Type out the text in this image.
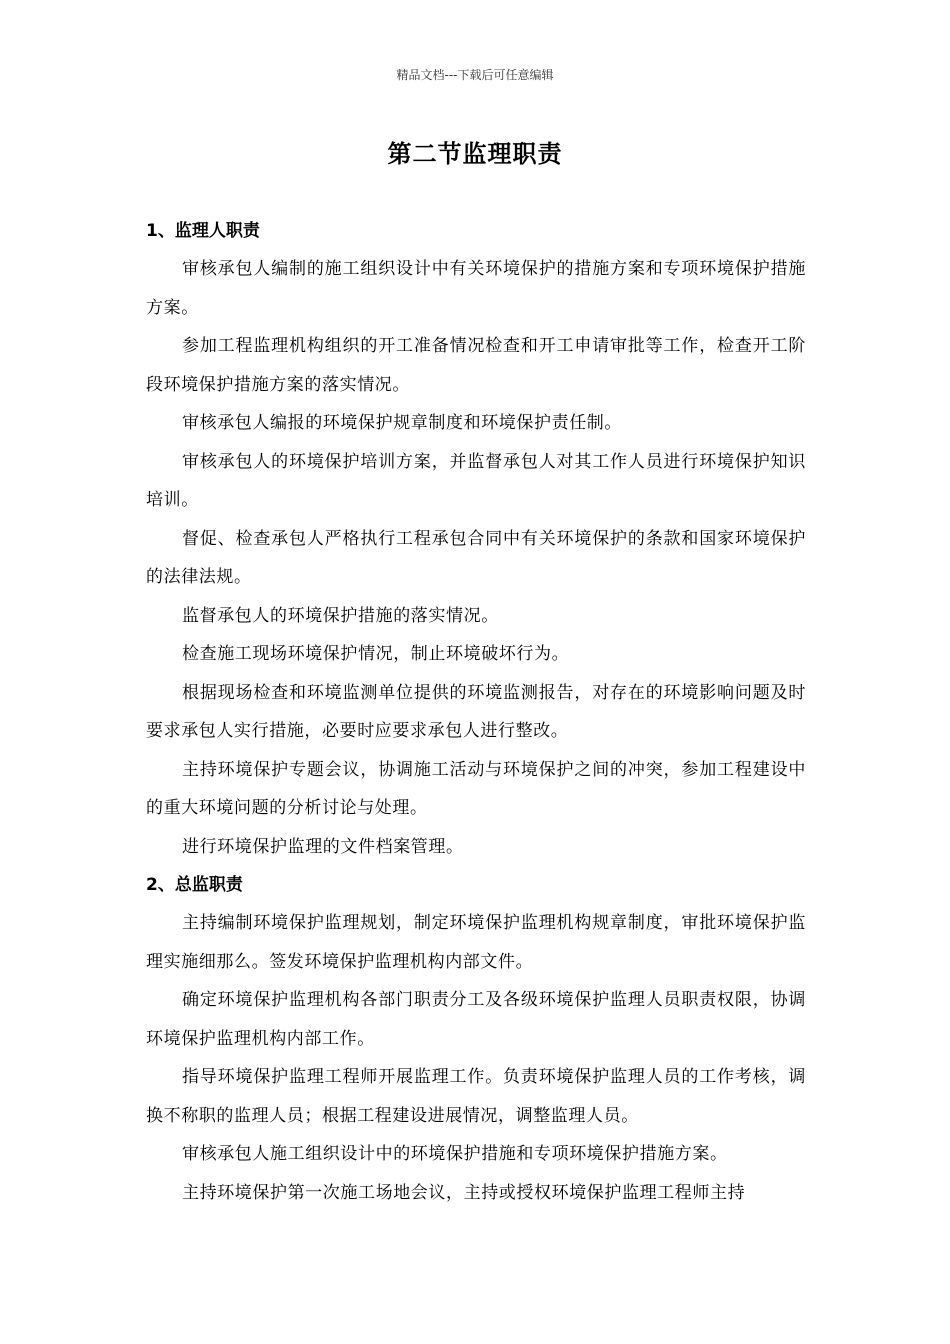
精品文档---下载后可任意编辑
第二节监理职责

1、监理人职责

审核承包人编制的施工组织设计中有关环境保护的措施方案和专项环境保护措施方案。

参加工程监理机构组织的开工准备情况检查和开工申请审批等工作，检查开工阶段环境保护措施方案的落实情况。

审核承包人编报的环境保护规章制度和环境保护责任制。

审核承包人的环境保护培训方案，并监督承包人对其工作人员进行环境保护知识培训。

督促、检查承包人严格执行工程承包合同中有关环境保护的条款和国家环境保护的法律法规。

监督承包人的环境保护措施的落实情况。

检查施工现场环境保护情况，制止环境破坏行为。

根据现场检查和环境监测单位提供的环境监测报告，对存在的环境影响问题及时要求承包人实行措施，必要时应要求承包人进行整改。

主持环境保护专题会议，协调施工活动与环境保护之间的冲突，参加工程建设中的重大环境问题的分析讨论与处理。

进行环境保护监理的文件档案管理。

2、总监职责

主持编制环境保护监理规划，制定环境保护监理机构规章制度，审批环境保护监理实施细那么。签发环境保护监理机构内部文件。

确定环境保护监理机构各部门职责分工及各级环境保护监理人员职责权限，协调环境保护监理机构内部工作。

指导环境保护监理工程师开展监理工作。负责环境保护监理人员的工作考核，调换不称职的监理人员；根据工程建设进展情况，调整监理人员。

审核承包人施工组织设计中的环境保护措施和专项环境保护措施方案。

主持环境保护第一次施工场地会议，主持或授权环境保护监理工程师主持
